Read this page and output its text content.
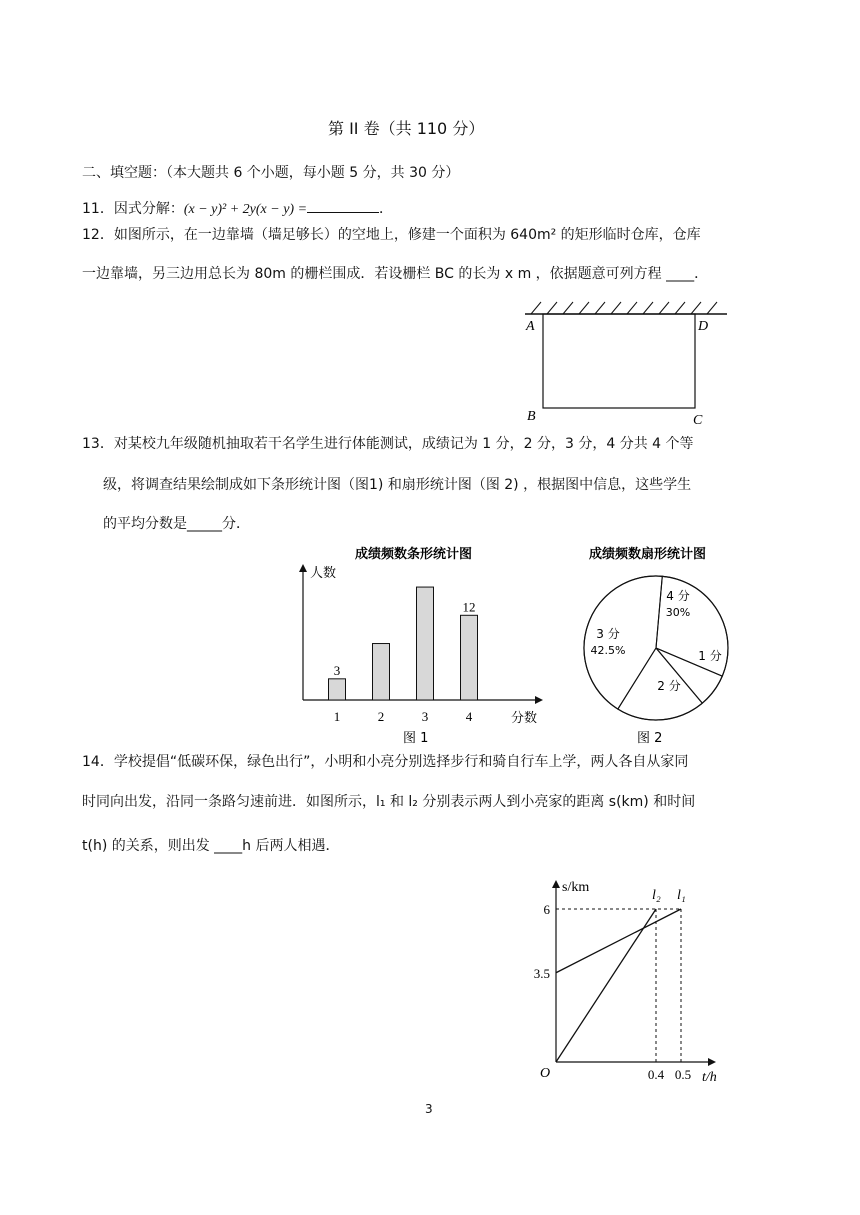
第 II 卷（共 110 分）
二、填空题：（本大题共 6 个小题，每小题 5 分，共 30 分）
11．因式分解：(x − y)² + 2y(x − y) =	．
12．如图所示，在一边靠墙（墙足够长）的空地上，修建一个面积为 640m² 的矩形临时仓库，仓库
一边靠墙，另三边用总长为 80m 的栅栏围成．若设栅栏 BC 的长为 x m ，依据题意可列方程 ____．
A	D
B	C
13．对某校九年级随机抽取若干名学生进行体能测试，成绩记为 1 分，2 分，3 分，4 分共 4 个等
级，将调查结果绘制成如下条形统计图（图1) 和扇形统计图（图 2) ，根据图中信息，这些学生
的平均分数是_____分．
成绩频数条形统计图
人数
分数
1
3
2	3	4
12
图 1
成绩频数扇形统计图
4 分
30%
1 分
2 分
3 分
42.5%
图 2
14．学校提倡“低碳环保，绿色出行”，小明和小亮分别选择步行和骑自行车上学，两人各自从家同
时同向出发，沿同一条路匀速前进．如图所示，l₁ 和 l₂ 分别表示两人到小亮家的距离 s(km) 和时间
t(h) 的关系，则出发 ____h 后两人相遇．
s/km
t/h
O
l₁
l₂
0.4 0.5
3.5
6
3
